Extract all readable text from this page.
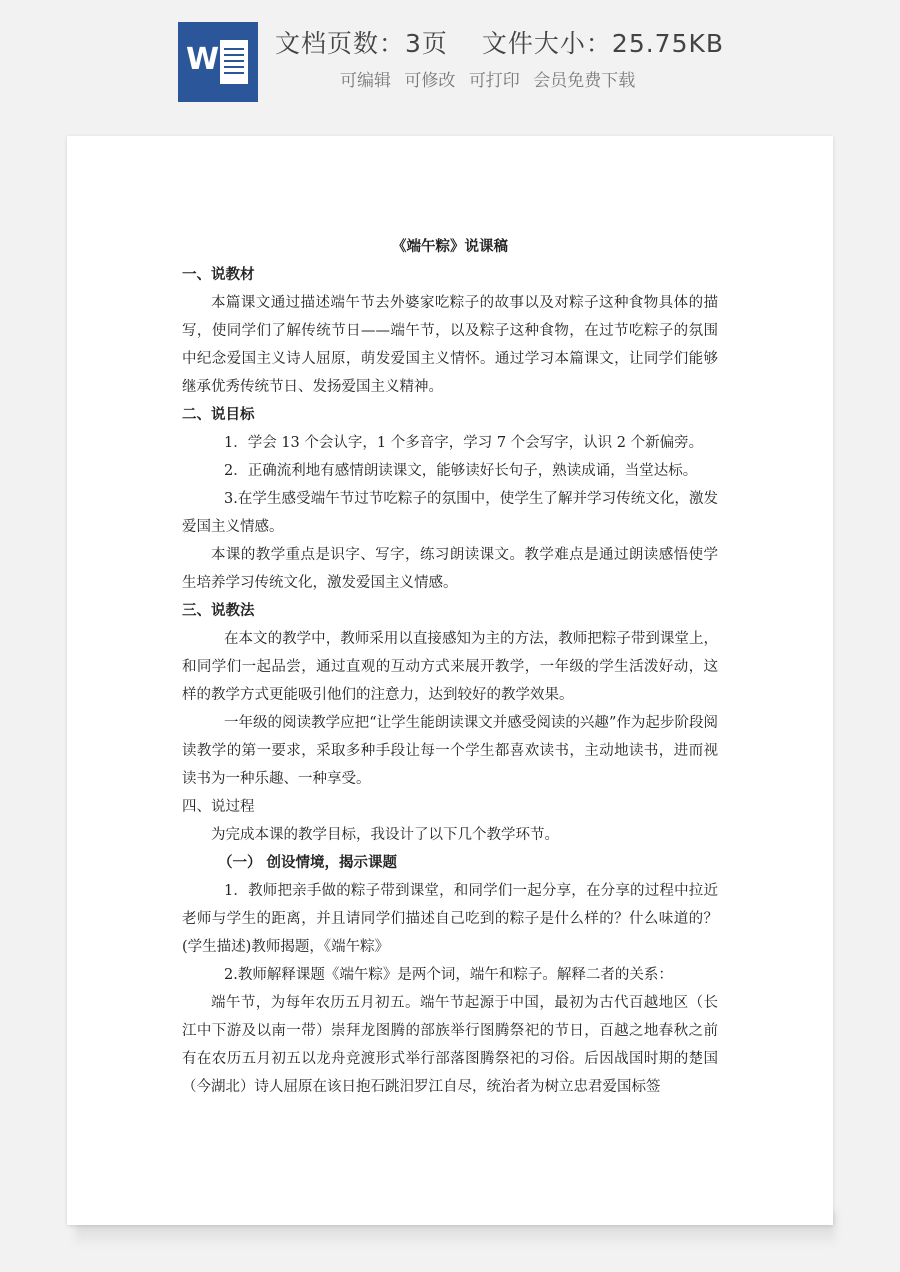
W 文档页数：3页 文件大小：25.75KB
可编辑 可修改 可打印 会员免费下载

《端午粽》说课稿

一、说教材

本篇课文通过描述端午节去外婆家吃粽子的故事以及对粽子这种食物具体的描写，使同学们了解传统节日——端午节，以及粽子这种食物，在过节吃粽子的氛围中纪念爱国主义诗人屈原，萌发爱国主义情怀。通过学习本篇课文，让同学们能够继承优秀传统节日、发扬爱国主义精神。

二、说目标

1．学会 13 个会认字，1 个多音字，学习 7 个会写字，认识 2 个新偏旁。

2．正确流利地有感情朗读课文，能够读好长句子，熟读成诵，当堂达标。

3.在学生感受端午节过节吃粽子的氛围中，使学生了解并学习传统文化，激发爱国主义情感。

本课的教学重点是识字、写字，练习朗读课文。教学难点是通过朗读感悟使学生培养学习传统文化，激发爱国主义情感。

三、说教法

在本文的教学中，教师采用以直接感知为主的方法，教师把粽子带到课堂上，和同学们一起品尝，通过直观的互动方式来展开教学，一年级的学生活泼好动，这样的教学方式更能吸引他们的注意力，达到较好的教学效果。

一年级的阅读教学应把“让学生能朗读课文并感受阅读的兴趣”作为起步阶段阅读教学的第一要求，采取多种手段让每一个学生都喜欢读书，主动地读书，进而视读书为一种乐趣、一种享受。

四、说过程

为完成本课的教学目标，我设计了以下几个教学环节。

（一） 创设情境，揭示课题

1．教师把亲手做的粽子带到课堂，和同学们一起分享，在分享的过程中拉近老师与学生的距离，并且请同学们描述自己吃到的粽子是什么样的？什么味道的？(学生描述)教师揭题，《端午粽》

2.教师解释课题《端午粽》是两个词，端午和粽子。解释二者的关系：

端午节，为每年农历五月初五。端午节起源于中国，最初为古代百越地区（长江中下游及以南一带）崇拜龙图腾的部族举行图腾祭祀的节日，百越之地春秋之前有在农历五月初五以龙舟竞渡形式举行部落图腾祭祀的习俗。后因战国时期的楚国（今湖北）诗人屈原在该日抱石跳汨罗江自尽，统治者为树立忠君爱国标签
